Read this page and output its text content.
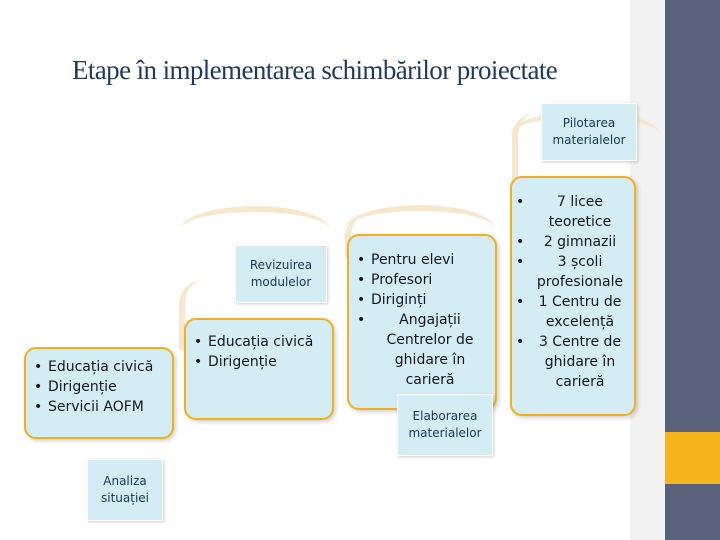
Etape în implementarea schimbărilor proiectate
• Educația civică
• Dirigenție
• Servicii AOFM
Analiza situației
• Educația civică
• Dirigenție
Revizuirea modulelor
• Pentru elevi
• Profesori
• Diriginți
• Angajații Centrelor de ghidare în carieră
Elaborarea materialelor
• 7 licee teoretice
• 2 gimnazii
• 3 școli profesionale
• 1 Centru de excelență
• 3 Centre de ghidare în carieră
Pilotarea materialelor
